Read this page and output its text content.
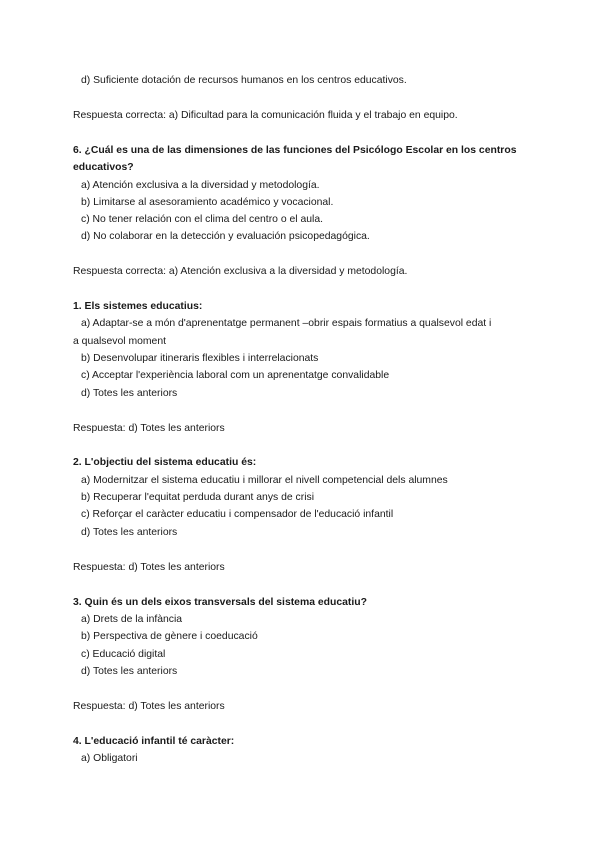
d) Suficiente dotación de recursos humanos en los centros educativos.
Respuesta correcta: a) Dificultad para la comunicación fluida y el trabajo en equipo.
6. ¿Cuál es una de las dimensiones de las funciones del Psicólogo Escolar en los centros
educativos?
a) Atención exclusiva a la diversidad y metodología.
b) Limitarse al asesoramiento académico y vocacional.
c) No tener relación con el clima del centro o el aula.
d) No colaborar en la detección y evaluación psicopedagógica.
Respuesta correcta: a) Atención exclusiva a la diversidad y metodología.
1. Els sistemes educatius:
a) Adaptar-se a món d'aprenentatge permanent –obrir espais formatius a qualsevol edat i
a qualsevol moment
b) Desenvolupar itineraris flexibles i interrelacionats
c) Acceptar l'experiència laboral com un aprenentatge convalidable
d) Totes les anteriors
Respuesta: d) Totes les anteriors
2. L'objectiu del sistema educatiu és:
a) Modernitzar el sistema educatiu i millorar el nivell competencial dels alumnes
b) Recuperar l'equitat perduda durant anys de crisi
c) Reforçar el caràcter educatiu i compensador de l'educació infantil
d) Totes les anteriors
Respuesta: d) Totes les anteriors
3. Quin és un dels eixos transversals del sistema educatiu?
a) Drets de la infància
b) Perspectiva de gènere i coeducació
c) Educació digital
d) Totes les anteriors
Respuesta: d) Totes les anteriors
4. L'educació infantil té caràcter:
a) Obligatori
